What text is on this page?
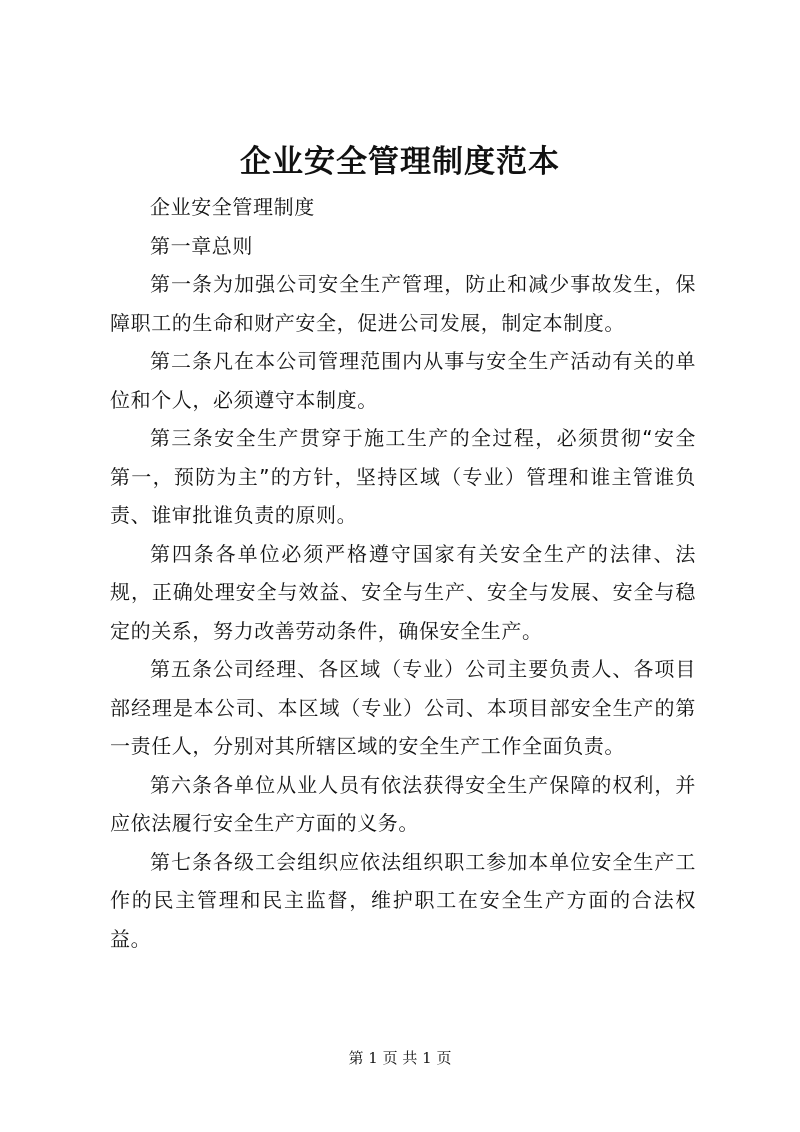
企业安全管理制度范本

企业安全管理制度

第一章总则

第一条为加强公司安全生产管理，防止和减少事故发生，保障职工的生命和财产安全，促进公司发展，制定本制度。

第二条凡在本公司管理范围内从事与安全生产活动有关的单位和个人，必须遵守本制度。

第三条安全生产贯穿于施工生产的全过程，必须贯彻“安全第一，预防为主”的方针，坚持区域（专业）管理和谁主管谁负责、谁审批谁负责的原则。

第四条各单位必须严格遵守国家有关安全生产的法律、法规，正确处理安全与效益、安全与生产、安全与发展、安全与稳定的关系，努力改善劳动条件，确保安全生产。

第五条公司经理、各区域（专业）公司主要负责人、各项目部经理是本公司、本区域（专业）公司、本项目部安全生产的第一责任人，分别对其所辖区域的安全生产工作全面负责。

第六条各单位从业人员有依法获得安全生产保障的权利，并应依法履行安全生产方面的义务。

第七条各级工会组织应依法组织职工参加本单位安全生产工作的民主管理和民主监督，维护职工在安全生产方面的合法权益。

第 1 页 共 1 页
